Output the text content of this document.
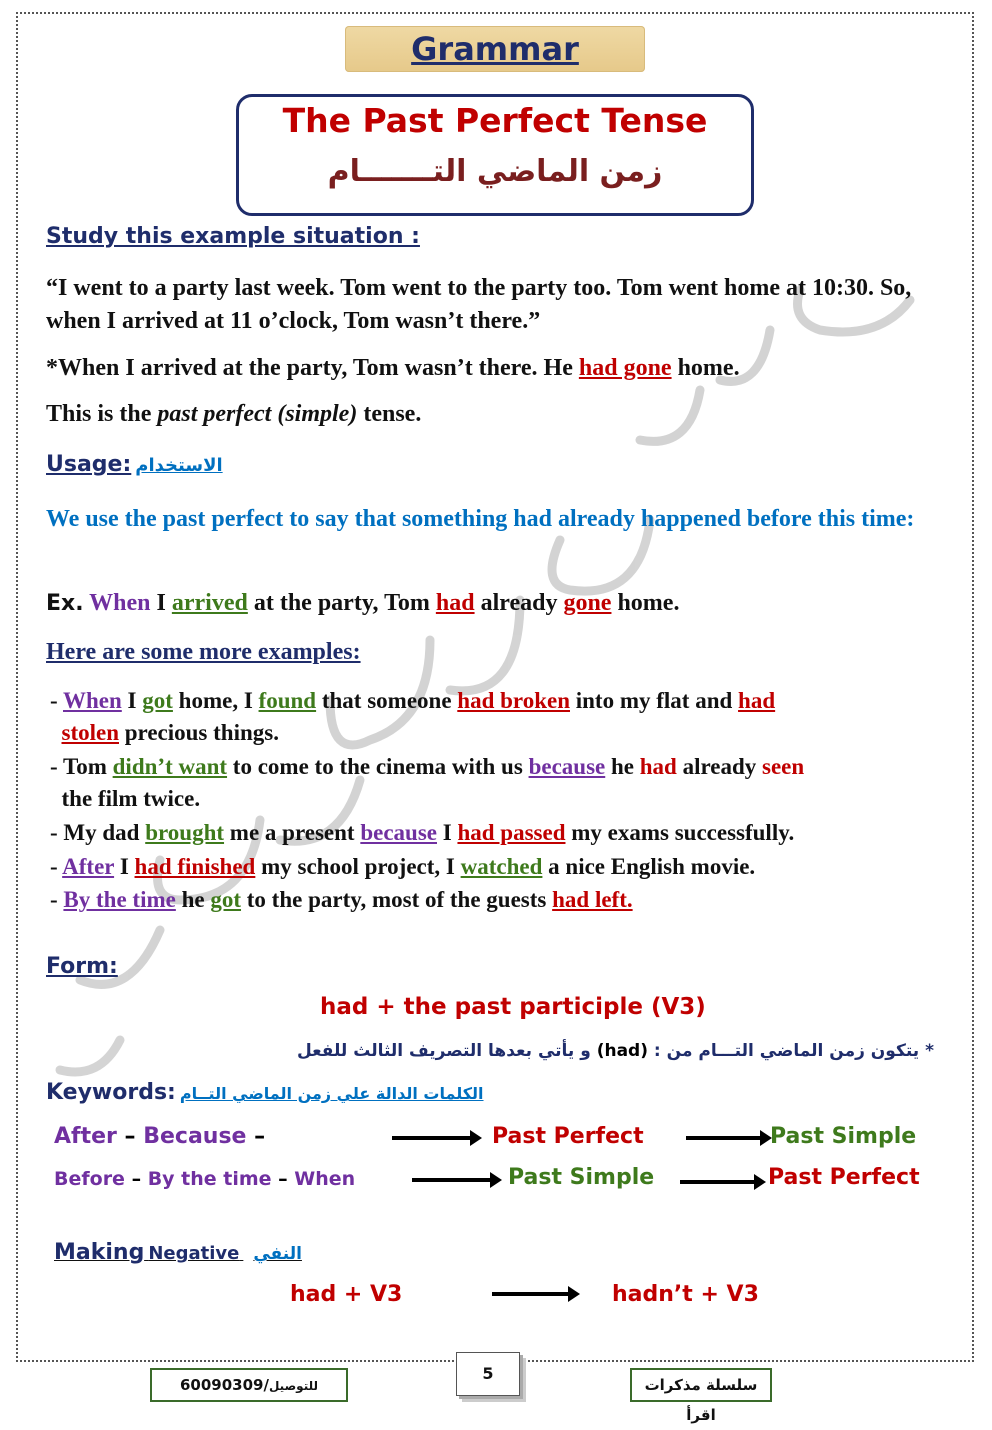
Grammar
The Past Perfect Tense
زمن الماضي التـــــــام
Study this example situation :
“I went to a party last week. Tom went to the party too. Tom went home at 10:30. So, when I arrived at 11 o’clock, Tom wasn’t there.”
*When I arrived at the party, Tom wasn’t there. He had gone home.
This is the past perfect (simple) tense.
Usage: الاستخدام
We use the past perfect to say that something had already happened before this time:
Ex. When I arrived at the party, Tom had already gone home.
Here are some more examples:
- When I got home, I found that someone had broken into my flat and had
stolen precious things.
- Tom didn’t want to come to the cinema with us because he had already seen
the film twice.
- My dad brought me a present because I had passed my exams successfully.
- After I had finished my school project, I watched a nice English movie.
- By the time he got to the party, most of the guests had left.
Form:
had + the past participle (V3)
* يتكون زمن الماضي التـــام من : (had) و يأتي بعدها التصريف الثالث للفعل
Keywords: الكلمات الدالة علي زمن الماضي التــام
After – Because –	Past Perfect	Past Simple
Before – By the time – When	Past Simple	Past Perfect
Making Negative النفي
had + V3	hadn’t + V3
60090309/للتوصيل
5
سلسلة مذكرات اقرأ
